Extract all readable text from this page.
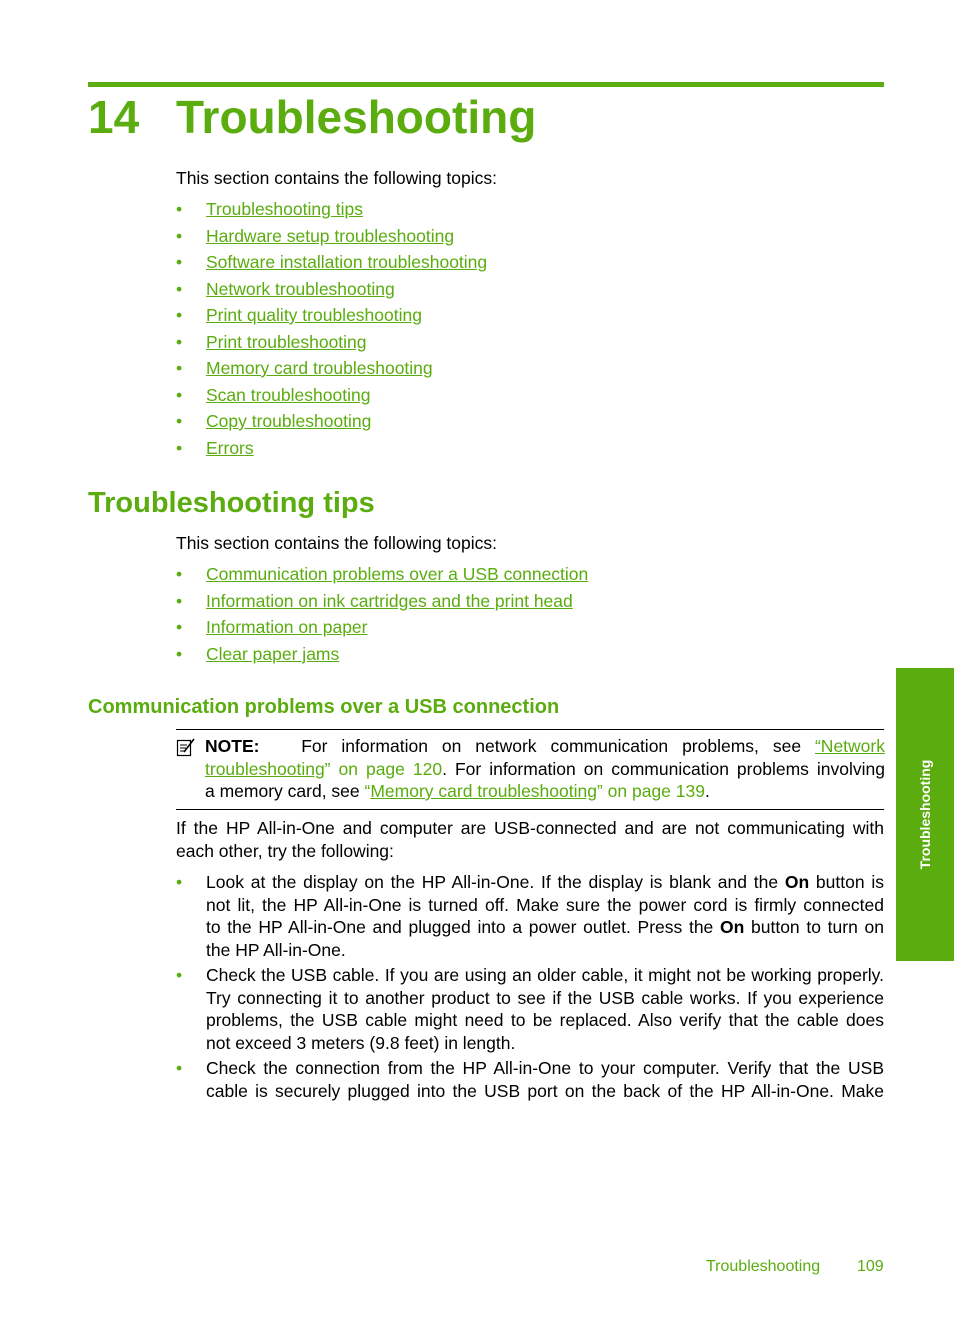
14 Troubleshooting
This section contains the following topics:
• Troubleshooting tips
• Hardware setup troubleshooting
• Software installation troubleshooting
• Network troubleshooting
• Print quality troubleshooting
• Print troubleshooting
• Memory card troubleshooting
• Scan troubleshooting
• Copy troubleshooting
• Errors
Troubleshooting tips
This section contains the following topics:
• Communication problems over a USB connection
• Information on ink cartridges and the print head
• Information on paper
• Clear paper jams
Communication problems over a USB connection
NOTE: For information on network communication problems, see “Network
troubleshooting” on page 120. For information on communication problems involving
a memory card, see “Memory card troubleshooting” on page 139.
If the HP All-in-One and computer are USB-connected and are not communicating with
each other, try the following:
• Look at the display on the HP All-in-One. If the display is blank and the On button is
not lit, the HP All-in-One is turned off. Make sure the power cord is firmly connected
to the HP All-in-One and plugged into a power outlet. Press the On button to turn on
the HP All-in-One.
• Check the USB cable. If you are using an older cable, it might not be working properly.
Try connecting it to another product to see if the USB cable works. If you experience
problems, the USB cable might need to be replaced. Also verify that the cable does
not exceed 3 meters (9.8 feet) in length.
• Check the connection from the HP All-in-One to your computer. Verify that the USB
cable is securely plugged into the USB port on the back of the HP All-in-One. Make
Troubleshooting
Troubleshooting 109
